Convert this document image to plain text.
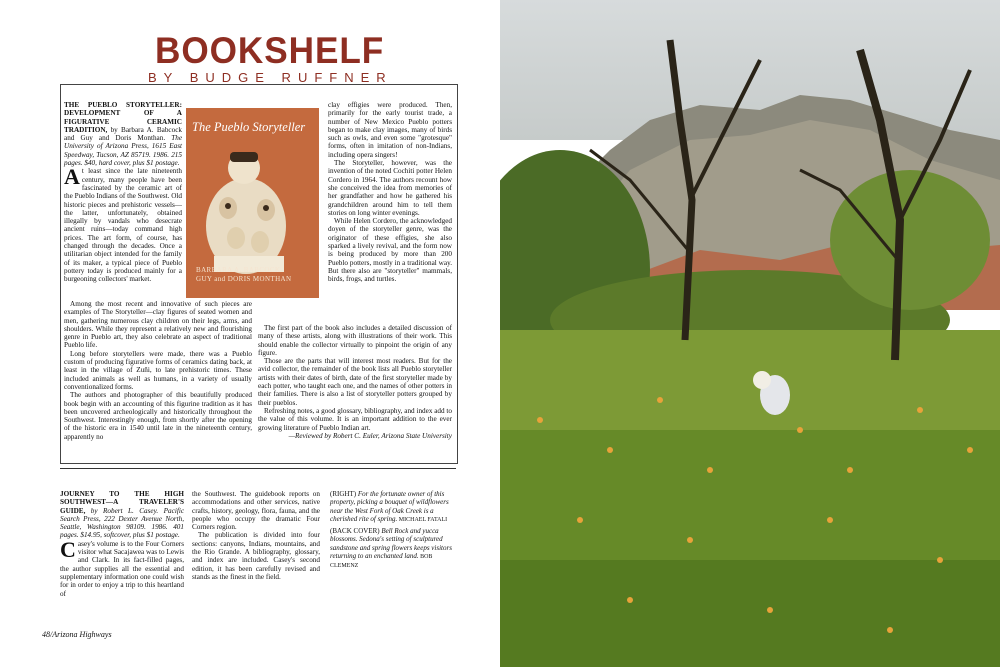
BOOKSHELF
BY BUDGE RUFFNER

THE PUEBLO STORYTELLER: DEVELOPMENT OF A FIGURATIVE CERAMIC TRADITION, by Barbara A. Babcock and Guy and Doris Monthan. The University of Arizona Press, 1615 East Speedway, Tucson, AZ 85719. 1986. 215 pages. $40, hard cover, plus $1 postage.

At least since the late nineteenth century, many people have been fascinated by the ceramic art of the Pueblo Indians of the Southwest. Old historic pieces and prehistoric vessels—the latter, unfortunately, obtained illegally by vandals who desecrate ancient ruins—today command high prices. The art form, of course, has changed through the decades. Once a utilitarian object intended for the family of its maker, a typical piece of Pueblo pottery today is produced mainly for a burgeoning collectors' market.

Among the most recent and innovative of such pieces are examples of The Storyteller—clay figures of seated women and men, gathering numerous clay children on their legs, arms, and shoulders. While they represent a relatively new and flourishing genre in Pueblo art, they also celebrate an aspect of traditional Pueblo life.

Long before storytellers were made, there was a Pueblo custom of producing figurative forms of ceramics dating back, at least in the village of Zuñi, to late prehistoric times. These included animals as well as humans, in a variety of usually conventionalized forms.

The authors and photographer of this beautifully produced book begin with an accounting of this figurine tradition as it has been uncovered archeologically and historically throughout the Southwest. Interestingly enough, from shortly after the opening of the historic era in 1540 until late in the nineteenth century, apparently no

The Pueblo Storyteller
BARBARA A. BABCOCK
GUY and DORIS MONTHAN

clay effigies were produced. Then, primarily for the early tourist trade, a number of New Mexico Pueblo potters began to make clay images, many of birds such as owls, and even some "grotesque" forms, often in imitation of non-Indians, including opera singers!

The Storyteller, however, was the invention of the noted Cochiti potter Helen Cordero in 1964. The authors recount how she conceived the idea from memories of her grandfather and how he gathered his grandchildren around him to tell them stories on long winter evenings.

While Helen Cordero, the acknowledged doyen of the storyteller genre, was the originator of these effigies, she also sparked a lively revival, and the form now is being produced by more than 200 Pueblo potters, mostly in a traditional way. But there also are "storyteller" mammals, birds, frogs, and turtles.

The first part of the book also includes a detailed discussion of many of these artists, along with illustrations of their work. This should enable the collector virtually to pinpoint the origin of any figure.

Those are the parts that will interest most readers. But for the avid collector, the remainder of the book lists all Pueblo storyteller artists with their dates of birth, date of the first storyteller made by each potter, who taught each one, and the names of other potters in their families. There is also a list of storyteller potters grouped by their pueblos.

Refreshing notes, a good glossary, bibliography, and index add to the value of this volume. It is an important addition to the ever growing literature of Pueblo Indian art.

—Reviewed by Robert C. Euler, Arizona State University

JOURNEY TO THE HIGH SOUTHWEST—A TRAVELER'S GUIDE, by Robert L. Casey. Pacific Search Press, 222 Dexter Avenue North, Seattle, Washington 98109. 1986. 401 pages. $14.95, softcover, plus $1 postage.

Casey's volume is to the Four Corners visitor what Sacajawea was to Lewis and Clark. In its fact-filled pages, the author supplies all the essential and supplementary information one could wish for in order to enjoy a trip to this heartland of

the Southwest. The guidebook reports on accommodations and other services, native crafts, history, geology, flora, fauna, and the people who occupy the dramatic Four Corners region.

The publication is divided into four sections: canyons, Indians, mountains, and the Rio Grande. A bibliography, glossary, and index are included. Casey's second edition, it has been carefully revised and stands as the finest in the field.

(RIGHT) For the fortunate owner of this property, picking a bouquet of wildflowers near the West Fork of Oak Creek is a cherished rite of spring. MICHAEL FATALI
(BACK COVER) Bell Rock and yucca blossoms. Sedona's setting of sculptured sandstone and spring flowers keeps visitors returning to an enchanted land. BOB CLEMENZ
48/Arizona Highways
